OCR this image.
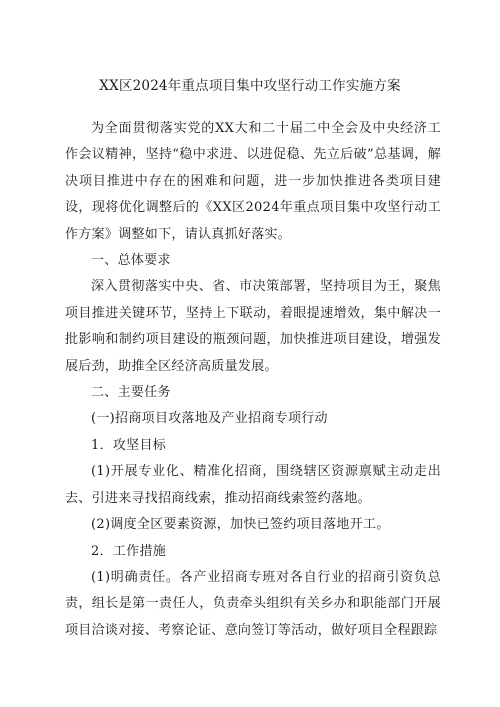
XX区2024年重点项目集中攻坚行动工作实施方案

为全面贯彻落实党的XX大和二十届二中全会及中央经济工作会议精神，坚持“稳中求进、以进促稳、先立后破”总基调，解决项目推进中存在的困难和问题，进一步加快推进各类项目建设，现将优化调整后的《XX区2024年重点项目集中攻坚行动工作方案》调整如下，请认真抓好落实。

一、总体要求

深入贯彻落实中央、省、市决策部署，坚持项目为王，聚焦项目推进关键环节，坚持上下联动，着眼提速增效，集中解决一批影响和制约项目建设的瓶颈问题，加快推进项目建设，增强发展后劲，助推全区经济高质量发展。

二、主要任务

(一)招商项目攻落地及产业招商专项行动

1．攻坚目标

(1)开展专业化、精准化招商，围绕辖区资源禀赋主动走出去、引进来寻找招商线索，推动招商线索签约落地。

(2)调度全区要素资源，加快已签约项目落地开工。

2．工作措施

(1)明确责任。各产业招商专班对各自行业的招商引资负总责，组长是第一责任人，负责牵头组织有关乡办和职能部门开展项目洽谈对接、考察论证、意向签订等活动，做好项目全程跟踪
